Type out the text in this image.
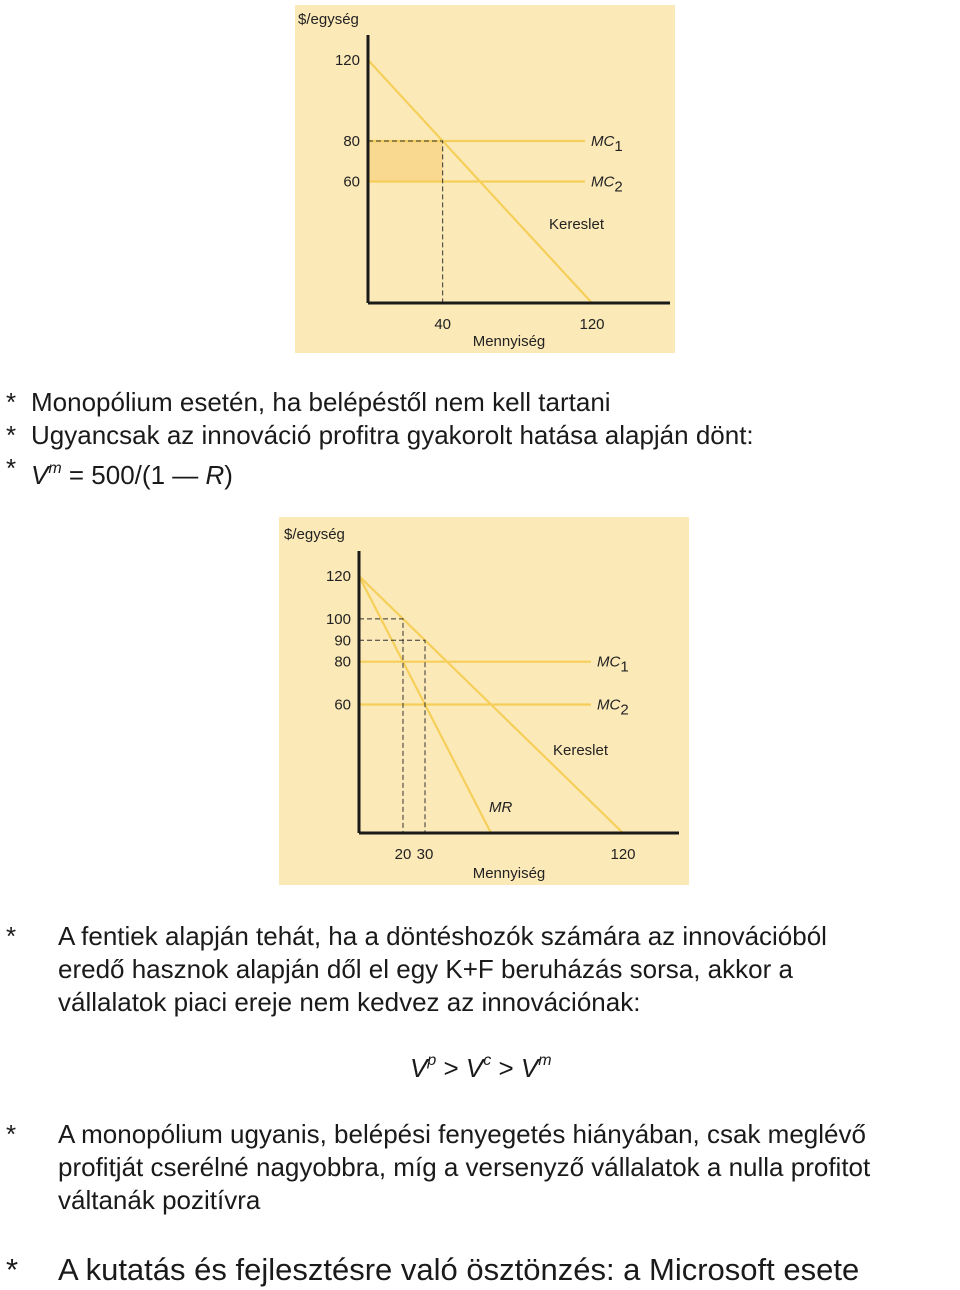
120
80
60
40	120
$/egység
Mennyiség
MC1
MC2
Kereslet
120
100
90
80
60
20 30	120
$/egység
Mennyiség
MC1
MC2
Kereslet
MR
* Monopólium esetén, ha belépéstől nem kell tartani
* Ugyancsak az innováció profitra gyakorolt hatása alapján dönt:
* $V^m = 500/(1$ — R)
* A fentiek alapján tehát, ha a döntéshozók számára az innovációból
eredő hasznok alapján dől el egy K+F beruházás sorsa, akkor a
vállalatok piaci ereje nem kedvez az innovációnak:
$V^p > V^c > V^m$
* A monopólium ugyanis, belépési fenyegetés hiányában, csak meglévő
profitját cserélné nagyobbra, míg a versenyző vállalatok a nulla profitot
váltanák pozitívra
* A kutatás és fejlesztésre való ösztönzés: a Microsoft esete
